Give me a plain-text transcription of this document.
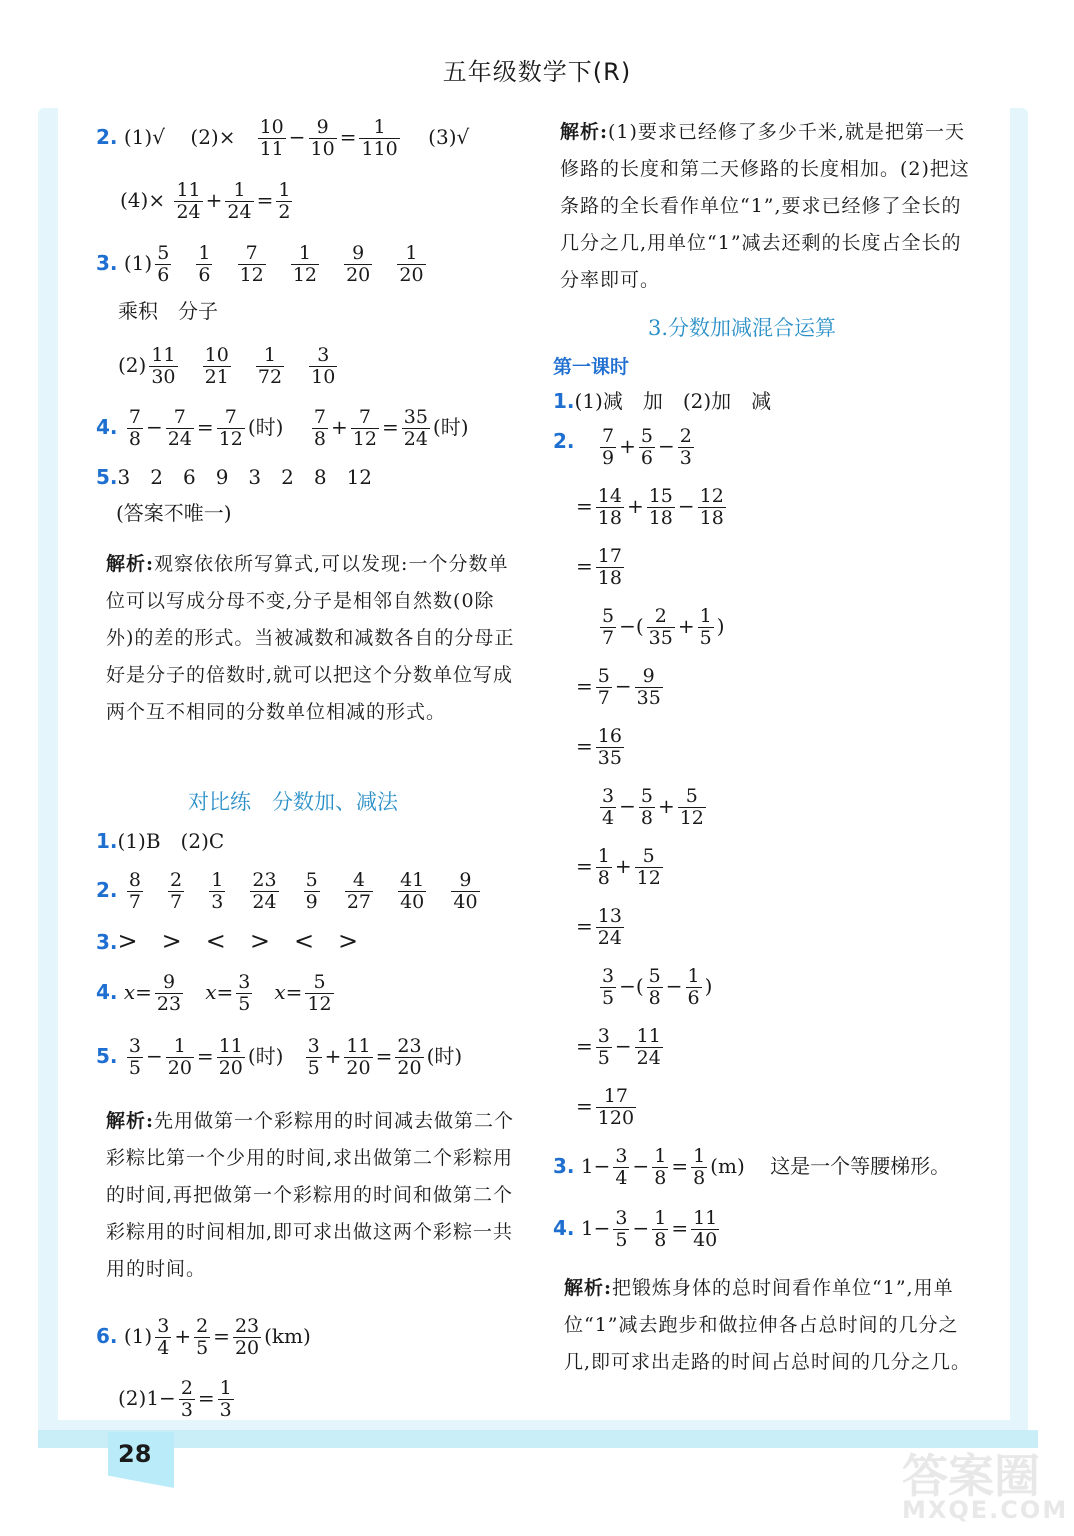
28
五年级数学下(R)
2. (1)√ $(2)\times \frac{10}{11} - \frac{9}{10} = \frac{1}{110} (3)√$
$(4)\times \frac{11}{24} + \frac{1}{24} = \frac{1}{2}$
3. $(1) \frac{5}{6}$
$\frac{1}{6}$
$\frac{7}{12}$
$\frac{1}{12}$
$\frac{9}{20}$
$\frac{1}{20}$
乘积　分子
$(2) \frac{11}{30}$
$\frac{10}{21}$
$\frac{1}{72}$
$\frac{3}{10}$
4. $\frac{7}{8} - \frac{7}{24} = \frac{7}{12}$ (时) $\frac{7}{8} + \frac{7}{12} = \frac{35}{24}$ (时)
5.3　2　6　9　3　2　8　12
(答案不唯一)
解析:观察依依所写算式,可以发现:一个分数单位可以写成分母不变,分子是相邻自然数(0除外)的差的形式。当被减数和减数各自的分母正好是分子的倍数时,就可以把这个分数单位写成两个互不相同的分数单位相减的形式。
对比练　分数加、减法
1.(1)B　(2)C
2. $\frac{8}{7}$
$\frac{2}{7}$
$\frac{1}{3}$
$\frac{23}{24}$
$\frac{5}{9}$
$\frac{4}{27}$
$\frac{41}{40}$
$\frac{9}{40}$
3.>　>　<　>　<　>
4. $x= \frac{9}{23} x= \frac{3}{5} x= \frac{5}{12}$
5. $\frac{3}{5} - \frac{1}{20} = \frac{11}{20}$ (时) $\frac{3}{5} + \frac{11}{20} = \frac{23}{20}$ (时)
解析:先用做第一个彩粽用的时间减去做第二个彩粽比第一个少用的时间,求出做第二个彩粽用的时间,再把做第一个彩粽用的时间和做第二个彩粽用的时间相加,即可求出做这两个彩粽一共用的时间。
6. $(1) \frac{3}{4} + \frac{2}{5} = \frac{23}{20} (km)$
$(2)1- \frac{2}{3} = \frac{1}{3}$
解析:(1)要求已经修了多少千米,就是把第一天修路的长度和第二天修路的长度相加。(2)把这条路的全长看作单位“1”,要求已经修了全长的几分之几,用单位“1”减去还剩的长度占全长的分率即可。
3.分数加减混合运算
第一课时
1.(1)减　加　(2)加　减
2. $\frac{7}{9} + \frac{5}{6} - \frac{2}{3}$
= $\frac{14}{18} + \frac{15}{18} - \frac{12}{18}$
= $\frac{17}{18}$
$\frac{5}{7}$ −( $\frac{2}{35} + \frac{1}{5}$ )
= $\frac{5}{7} - \frac{9}{35}$
= $\frac{16}{35}$
$\frac{3}{4} - \frac{5}{8} + \frac{5}{12}$
= $\frac{1}{8} + \frac{5}{12}$
= $\frac{13}{24}$
$\frac{3}{5}$ −( $\frac{5}{8} - \frac{1}{6}$ )
= $\frac{3}{5} - \frac{11}{24}$
= $\frac{17}{120}$
3. $1- \frac{3}{4} - \frac{1}{8} = \frac{1}{8} (m)$ 这是一个等腰梯形。
4. $1- \frac{3}{5} - \frac{1}{8} = \frac{11}{40}$
解析:把锻炼身体的总时间看作单位“1”,用单位“1”减去跑步和做拉伸各占总时间的几分之几,即可求出走路的时间占总时间的几分之几。
答案圈
MXQE.COM
